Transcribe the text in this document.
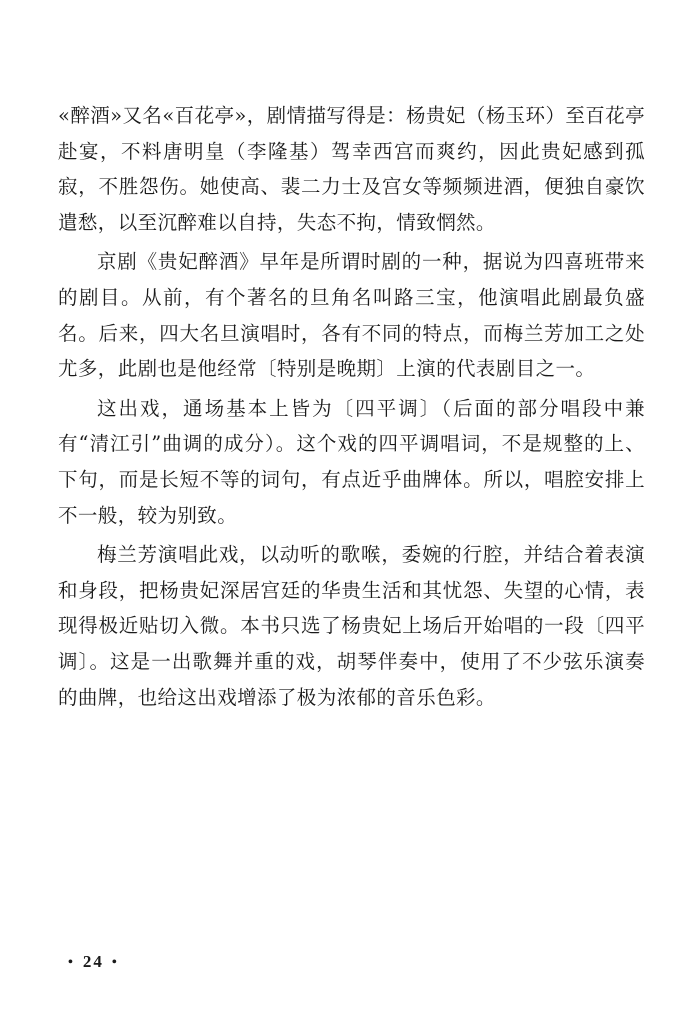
«醉酒»又名«百花亭»，剧情描写得是：杨贵妃（杨玉环）至百花亭赴宴，不料唐明皇（李隆基）驾幸西宫而爽约，因此贵妃感到孤寂，不胜怨伤。她使高、裴二力士及宫女等频频进酒，便独自豪饮遣愁，以至沉醉难以自持，失态不拘，情致惘然。

京剧《贵妃醉酒》早年是所谓时剧的一种，据说为四喜班带来的剧目。从前，有个著名的旦角名叫路三宝，他演唱此剧最负盛名。后来，四大名旦演唱时，各有不同的特点，而梅兰芳加工之处尤多，此剧也是他经常〔特别是晚期〕上演的代表剧目之一。

这出戏，通场基本上皆为〔四平调〕（后面的部分唱段中兼有“清江引”曲调的成分）。这个戏的四平调唱词，不是规整的上、下句，而是长短不等的词句，有点近乎曲牌体。所以，唱腔安排上不一般，较为别致。

梅兰芳演唱此戏，以动听的歌喉，委婉的行腔，并结合着表演和身段，把杨贵妃深居宫廷的华贵生活和其忧怨、失望的心情，表现得极近贴切入微。本书只选了杨贵妃上场后开始唱的一段〔四平调〕。这是一出歌舞并重的戏，胡琴伴奏中，使用了不少弦乐演奏的曲牌，也给这出戏增添了极为浓郁的音乐色彩。

• 24 •
